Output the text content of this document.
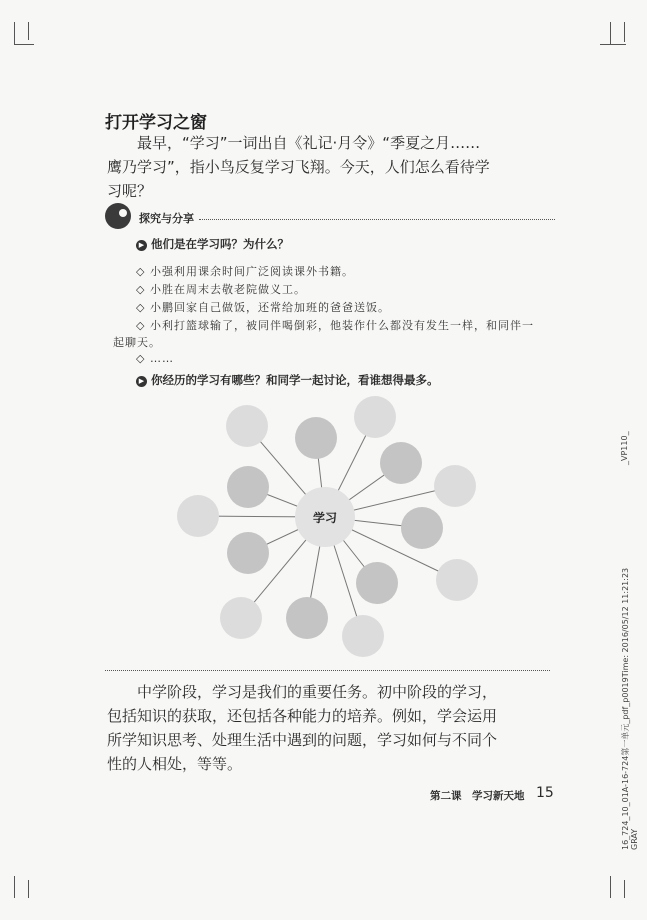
打开学习之窗
　　最早，“学习”一词出自《礼记·月令》“季夏之月……
鹰乃学习”，指小鸟反复学习飞翔。今天，人们怎么看待学
习呢？
探究与分享
▶ 他们是在学习吗？为什么？
◇ 小强利用课余时间广泛阅读课外书籍。
◇ 小胜在周末去敬老院做义工。
◇ 小鹏回家自己做饭，还常给加班的爸爸送饭。
◇ 小利打篮球输了，被同伴喝倒彩，他装作什么都没有发生一样，和同伴一
起聊天。
◇ ……
▶ 你经历的学习有哪些？和同学一起讨论，看谁想得最多。
学习
　　中学阶段，学习是我们的重要任务。初中阶段的学习，
包括知识的获取，还包括各种能力的培养。例如，学会运用
所学知识思考、处理生活中遇到的问题，学习如何与不同个
性的人相处，等等。
第二课　学习新天地 15
_VP110_
16_724_10_01A-16-724第一单元_pdf_p0019Time: 2016/05/12 11:21:23 GRAY
